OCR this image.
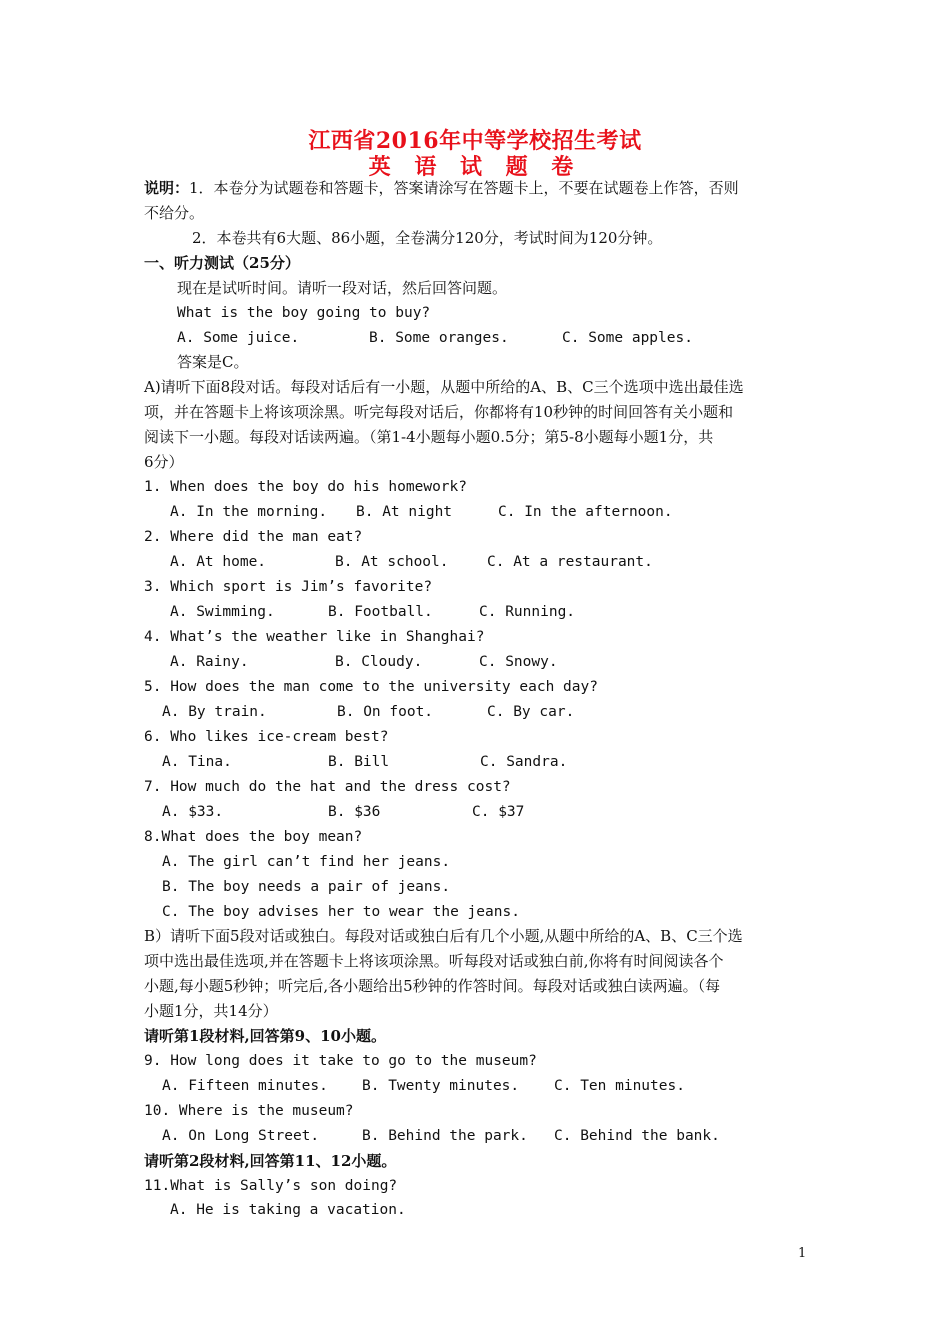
江西省2016年中等学校招生考试
英 语 试 题 卷
说明：1．本卷分为试题卷和答题卡，答案请涂写在答题卡上，不要在试题卷上作答，否则
不给分。
2．本卷共有6大题、86小题，全卷满分120分，考试时间为120分钟。
一、听力测试（25分）
现在是试听时间。请听一段对话，然后回答问题。
What is the boy going to buy?
A. Some juice.	B. Some oranges.	C. Some apples.
答案是C。
A)请听下面8段对话。每段对话后有一小题，从题中所给的A、B、C三个选项中选出最佳选
项，并在答题卡上将该项涂黑。听完每段对话后，你都将有10秒钟的时间回答有关小题和
阅读下一小题。每段对话读两遍。（第1-4小题每小题0.5分；第5-8小题每小题1分，共
6分）
1. When does the boy do his homework?
A. In the morning. B. At night	C. In the afternoon.
2. Where did the man eat?
A. At home.	B. At school.	C. At a restaurant.
3. Which sport is Jim’s favorite?
A. Swimming.	B. Football.	C. Running.
4. What’s the weather like in Shanghai?
A. Rainy.	B. Cloudy.	C. Snowy.
5. How does the man come to the university each day?
A. By train.	B. On foot.	C. By car.
6. Who likes ice-cream best?
A. Tina.	B. Bill	C. Sandra.
7. How much do the hat and the dress cost?
A. $33.	B. $36	C. $37
8.What does the boy mean?
A. The girl can’t find her jeans.
B. The boy needs a pair of jeans.
C. The boy advises her to wear the jeans.
B）请听下面5段对话或独白。每段对话或独白后有几个小题,从题中所给的A、B、C三个选
项中选出最佳选项,并在答题卡上将该项涂黑。听每段对话或独白前,你将有时间阅读各个
小题,每小题5秒钟；听完后,各小题给出5秒钟的作答时间。每段对话或独白读两遍。（每
小题1分，共14分）
请听第1段材料,回答第9、10小题。
9. How long does it take to go to the museum?
A. Fifteen minutes. B. Twenty minutes. C. Ten minutes.
10. Where is the museum?
A. On Long Street.	B. Behind the park. C. Behind the bank.
请听第2段材料,回答第11、12小题。
11.What is Sally’s son doing?
A. He is taking a vacation.
1
